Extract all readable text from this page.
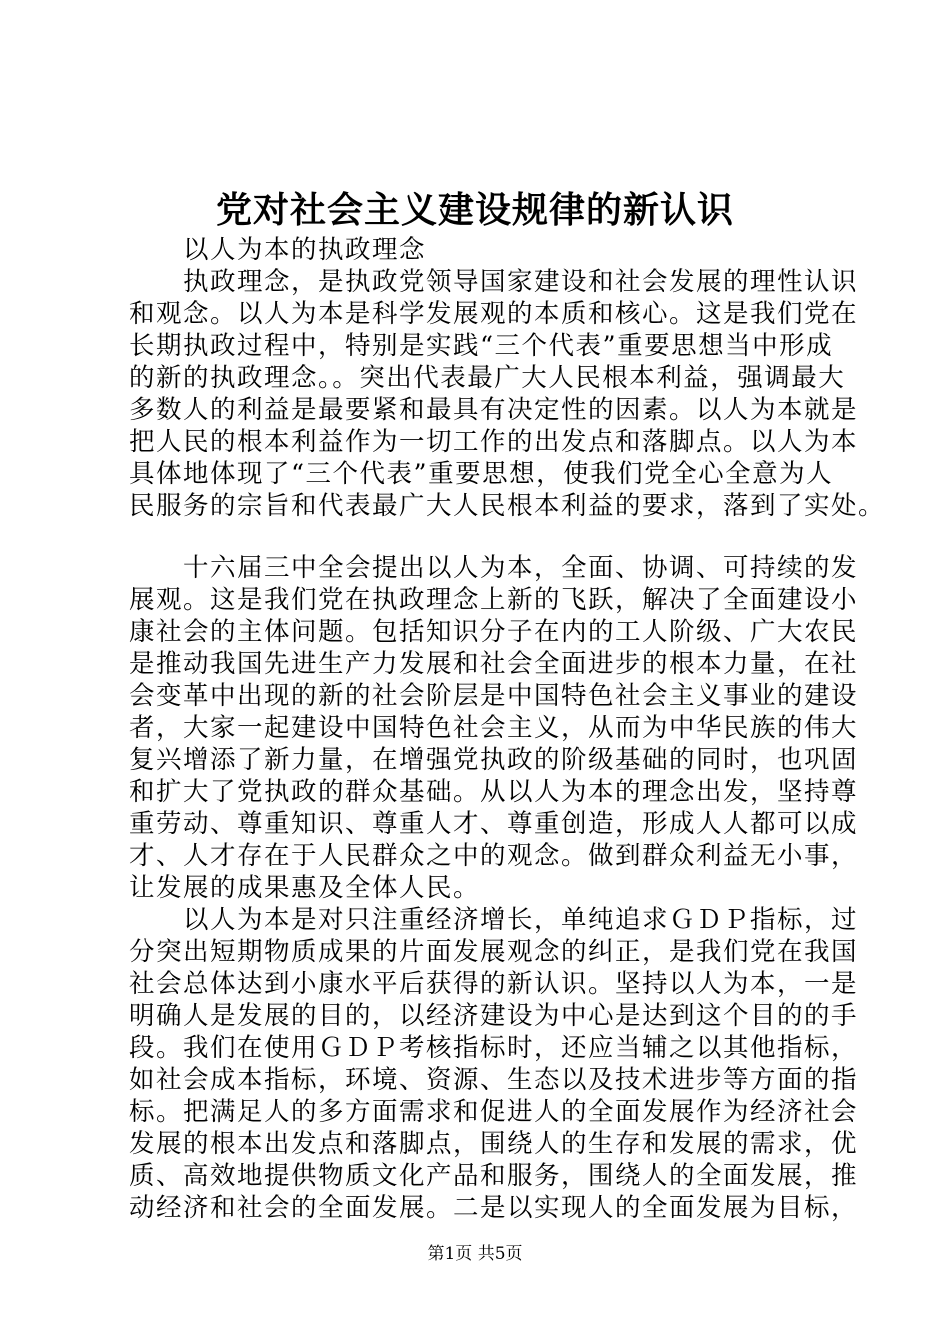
党对社会主义建设规律的新认识
以人为本的执政理念
执政理念，是执政党领导国家建设和社会发展的理性认识
和观念。以人为本是科学发展观的本质和核心。这是我们党在
长期执政过程中，特别是实践“三个代表”重要思想当中形成
的新的执政理念。。突出代表最广大人民根本利益，强调最大
多数人的利益是最要紧和最具有决定性的因素。以人为本就是
把人民的根本利益作为一切工作的出发点和落脚点。以人为本
具体地体现了“三个代表”重要思想，使我们党全心全意为人
民服务的宗旨和代表最广大人民根本利益的要求，落到了实处。
十六届三中全会提出以人为本，全面、协调、可持续的发
展观。这是我们党在执政理念上新的飞跃，解决了全面建设小
康社会的主体问题。包括知识分子在内的工人阶级、广大农民
是推动我国先进生产力发展和社会全面进步的根本力量，在社
会变革中出现的新的社会阶层是中国特色社会主义事业的建设
者，大家一起建设中国特色社会主义，从而为中华民族的伟大
复兴增添了新力量，在增强党执政的阶级基础的同时，也巩固
和扩大了党执政的群众基础。从以人为本的理念出发，坚持尊
重劳动、尊重知识、尊重人才、尊重创造，形成人人都可以成
才、人才存在于人民群众之中的观念。做到群众利益无小事，
让发展的成果惠及全体人民。
以人为本是对只注重经济增长，单纯追求ＧＤＰ指标，过
分突出短期物质成果的片面发展观念的纠正，是我们党在我国
社会总体达到小康水平后获得的新认识。坚持以人为本，一是
明确人是发展的目的，以经济建设为中心是达到这个目的的手
段。我们在使用ＧＤＰ考核指标时，还应当辅之以其他指标，
如社会成本指标，环境、资源、生态以及技术进步等方面的指
标。把满足人的多方面需求和促进人的全面发展作为经济社会
发展的根本出发点和落脚点，围绕人的生存和发展的需求，优
质、高效地提供物质文化产品和服务，围绕人的全面发展，推
动经济和社会的全面发展。二是以实现人的全面发展为目标，
第1页 共5页
